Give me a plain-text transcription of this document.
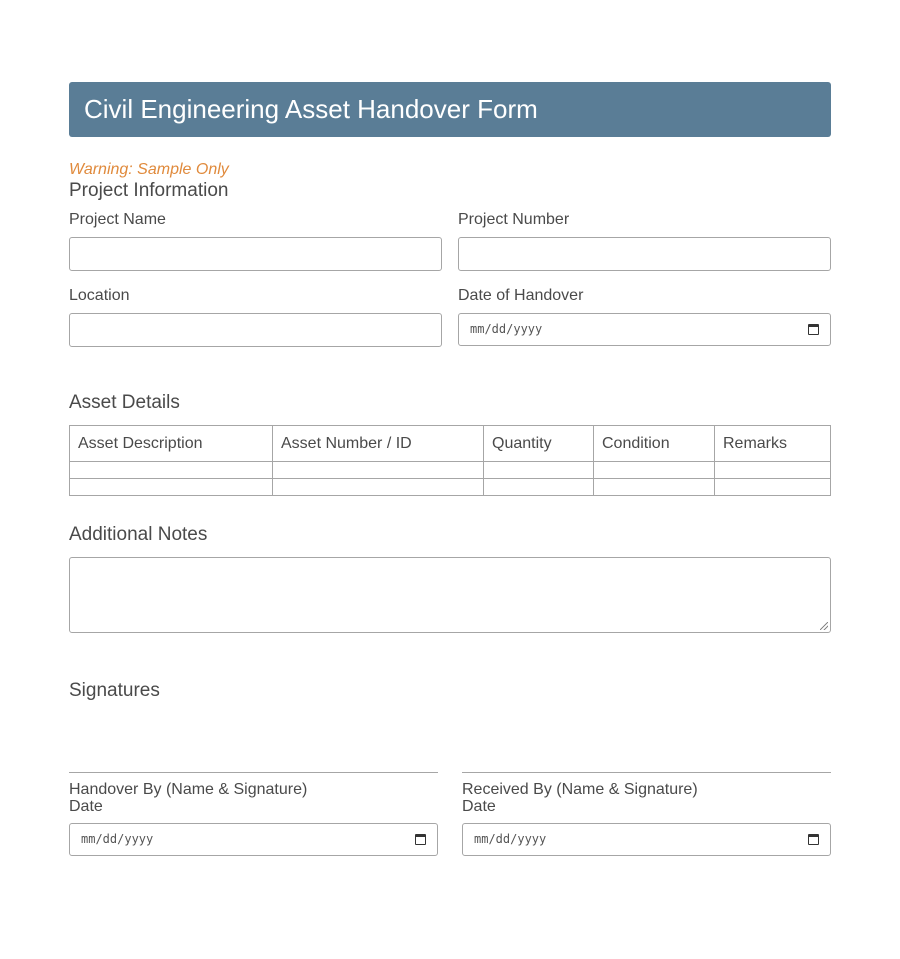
Civil Engineering Asset Handover Form
Warning: Sample Only
Project Information
Project Name	Project Number
Location	Date of Handover
mm/dd/yyyy
Asset Details
Asset Description	Asset Number / ID	Quantity	Condition	Remarks

Additional Notes
Signatures
Handover By (Name & Signature)
Date
mm/dd/yyyy
Received By (Name & Signature)
Date
mm/dd/yyyy
